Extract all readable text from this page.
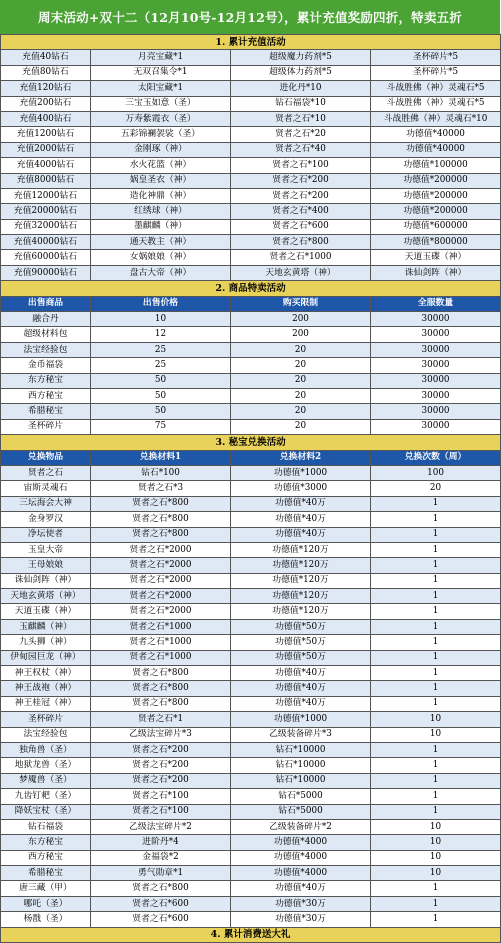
周末活动+双十二（12月10号-12月12号），累计充值奖励四折，特卖五折
1. 累计充值活动			
充值40钻石	月亮宝藏*1	超级魔力药剂*5	圣杯碎片*5
充值80钻石	无双召集令*1	超级体力药剂*5	圣杯碎片*5
充值120钻石	太阳宝藏*1	进化丹*10	斗战胜佛（神）灵魂石*5
充值200钻石	三宝玉如意（圣）	钻石福袋*10	斗战胜佛（神）灵魂石*5
充值400钻石	万寿紫霞衣（圣）	贤者之石*10	斗战胜佛（神）灵魂石*10
充值1200钻石	五彩锦襕袈裟（圣）	贤者之石*20	功德值*40000
充值2000钻石	金刚琢（神）	贤者之石*40	功德值*40000
充值4000钻石	水火花篮（神）	贤者之石*100	功德值*100000
充值8000钻石	娲皇圣衣（神）	贤者之石*200	功德值*200000
充值12000钻石	造化神鼎（神）	贤者之石*200	功德值*200000
充值20000钻石	红绣球（神）	贤者之石*400	功德值*200000
充值32000钻石	墨麒麟（神）	贤者之石*600	功德值*600000
充值40000钻石	通天教主（神）	贤者之石*800	功德值*800000
充值60000钻石	女娲娘娘（神）	贤者之石*1000	天道玉碟（神）
充值90000钻石	盘古大帝（神）	天地玄黄塔（神）	诛仙剑阵（神）
2. 商品特卖活动			
出售商品	出售价格	购买限制	全服数量
融合丹	10	200	30000
超级材料包	12	200	30000
法宝经验包	25	20	30000
金币福袋	25	20	30000
东方秘宝	50	20	30000
西方秘宝	50	20	30000
希腊秘宝	50	20	30000
圣杯碎片	75	20	30000
3. 秘宝兑换活动			
兑换物品	兑换材料1	兑换材料2	兑换次数（周）
贤者之石	钻石*100	功德值*1000	100
宙斯灵魂石	贤者之石*3	功德值*3000	20
三坛海会大神	贤者之石*800	功德值*40万	1
金身罗汉	贤者之石*800	功德值*40万	1
净坛使者	贤者之石*800	功德值*40万	1
玉皇大帝	贤者之石*2000	功德值*120万	1
王母娘娘	贤者之石*2000	功德值*120万	1
诛仙剑阵（神）	贤者之石*2000	功德值*120万	1
天地玄黄塔（神）	贤者之石*2000	功德值*120万	1
天道玉碟（神）	贤者之石*2000	功德值*120万	1
玉麒麟（神）	贤者之石*1000	功德值*50万	1
九头狮（神）	贤者之石*1000	功德值*50万	1
伊甸园巨龙（神）	贤者之石*1000	功德值*50万	1
神王权杖（神）	贤者之石*800	功德值*40万	1
神王战袍（神）	贤者之石*800	功德值*40万	1
神王桂冠（神）	贤者之石*800	功德值*40万	1
圣杯碎片	贤者之石*1	功德值*1000	10
法宝经验包	乙级法宝碎片*3	乙级装备碎片*3	10
独角兽（圣）	贤者之石*200	钻石*10000	1
地狱龙兽（圣）	贤者之石*200	钻石*10000	1
梦魇兽（圣）	贤者之石*200	钻石*10000	1
九齿钉耙（圣）	贤者之石*100	钻石*5000	1
降妖宝杖（圣）	贤者之石*100	钻石*5000	1
钻石福袋	乙级法宝碎片*2	乙级装备碎片*2	10
东方秘宝	进阶丹*4	功德值*4000	10
西方秘宝	金福袋*2	功德值*4000	10
希腊秘宝	勇气勋章*1	功德值*4000	10
唐三藏（甲）	贤者之石*800	功德值*40万	1
哪吒（圣）	贤者之石*600	功德值*30万	1
杨戬（圣）	贤者之石*600	功德值*30万	1
4. 累计消费送大礼			
